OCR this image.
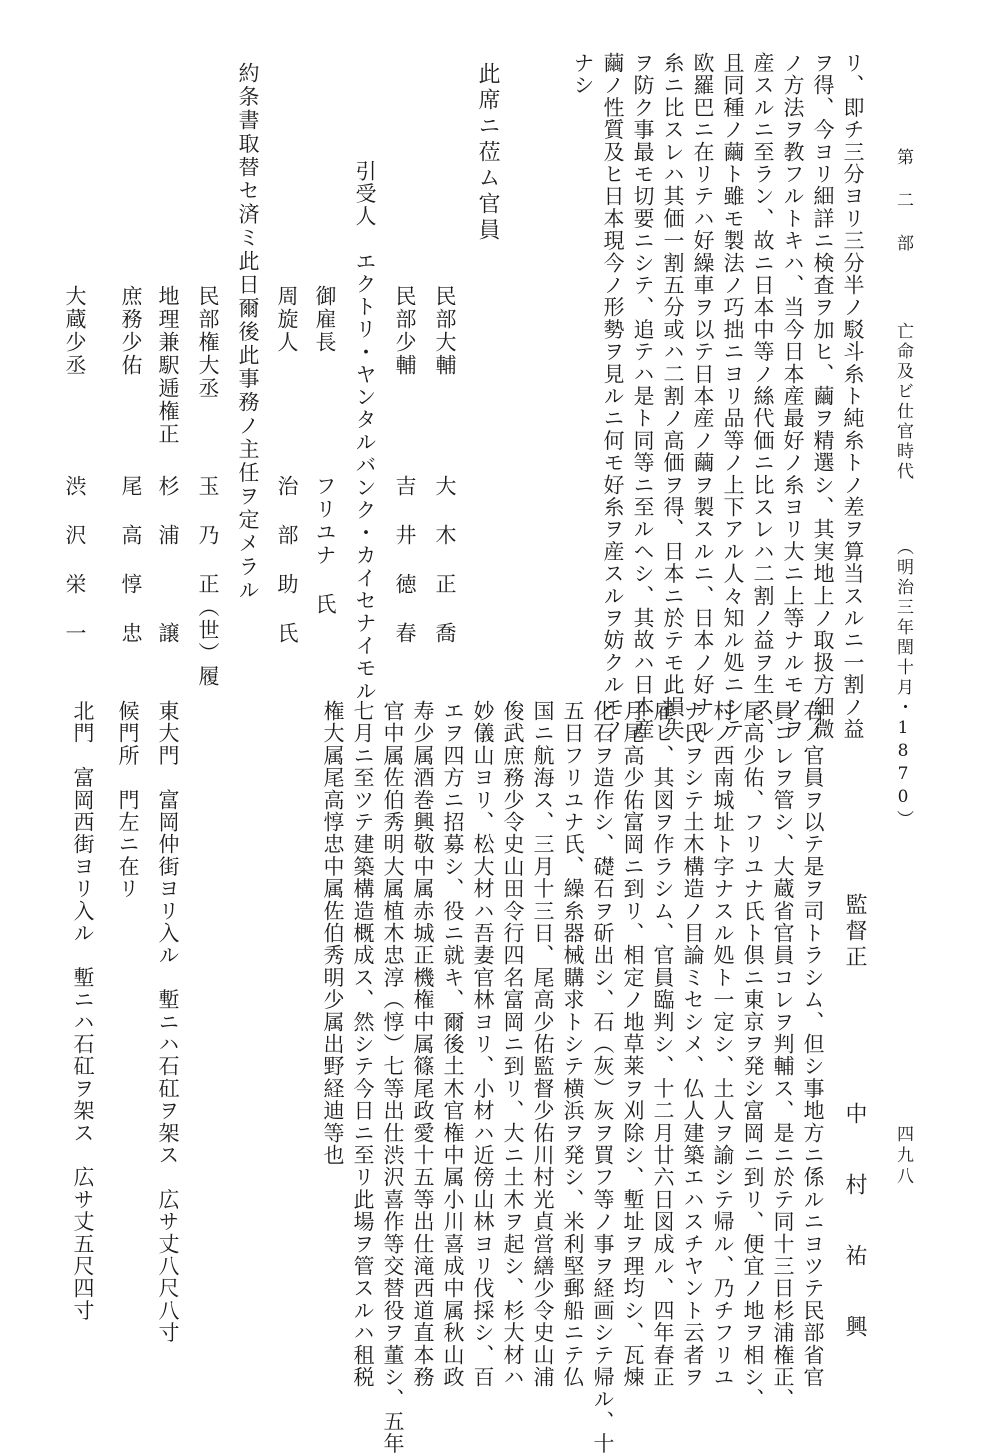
第 二 部  亡命及ビ仕官時代  （明治三年閏十月・1870）
四九八
リ、即チ三分ヨリ三分半ノ駁斗糸ト純糸トノ差ヲ算当スルニ一割ノ益
ヲ得、今ヨリ細詳ニ検査ヲ加ヒ、繭ヲ精選シ、其実地上ノ取扱方細微
ノ方法ヲ教フルトキハ、当今日本産最好ノ糸ヨリ大ニ上等ナルモノヲ
産スルニ至ラン、故ニ日本中等ノ絲代価ニ比スレハ二割ノ益ヲ生ス、
且同種ノ繭ト雖モ製法ノ巧拙ニヨリ品等ノ上下アル人々知ル処ニシテ
欧羅巴ニ在リテハ好繰車ヲ以テ日本産ノ繭ヲ製スルニ、日本ノ好ナル
糸ニ比スレハ其価一割五分或ハ二割ノ高価ヲ得、日本ニ於テモ此損失
ヲ防ク事最モ切要ニシテ、追テハ是ト同等ニ至ルヘシ、其故ハ日本産
繭ノ性質及ヒ日本現今ノ形勢ヲ見ルニ何モ好糸ヲ産スルヲ妨クルモノ
ナシ
此席ニ莅ム官員
民部大輔
大 木 正 喬
民部少輔
吉 井 徳 春
引受人　エクトリ・ヤンタルバンク・カイセナイモル
御雇長
フリユナ 氏
周旋人
治 部 助 氏
約条書取替セ済ミ此日爾後此事務ノ主任ヲ定メラル
民部権大丞
玉 乃 正（世）履
地理兼駅逓権正
杉 浦 　 譲
庶務少佑
尾 高 惇 忠
大蔵少丞
渋 沢 栄 一
監督正
中 村 祐 興
右ノ官員ヲ以テ是ヲ司トラシム、但シ事地方ニ係ルニヨツテ民部省官
員コレヲ管シ、大蔵省官員コレヲ判輔ス、是ニ於テ同十三日杉浦権正、
尾高少佑、フリユナ氏ト倶ニ東京ヲ発シ富岡ニ到リ、便宜ノ地ヲ相シ、
村ノ西南城址ト字ナスル処ト一定シ、土人ヲ諭シテ帰ル、乃チフリユ
ナ氏ヲシテ土木構造ノ目論ミセシメ、仏人建築エハスチヤント云者ヲ
雇ヒ、其図ヲ作ラシム、官員臨判シ、十二月廿六日図成ル、四年春正
月尾高少佑富岡ニ到リ、相定ノ地草莱ヲ刈除シ、塹址ヲ理均シ、瓦煉
化石ヲ造作シ、礎石ヲ斫出シ、石（灰）灰ヲ買フ等ノ事ヲ経画シテ帰ル、十
五日フリユナ氏、繰糸器械購求トシテ横浜ヲ発シ、米利堅郵船ニテ仏
国ニ航海ス、三月十三日、尾高少佑監督少佑川村光貞営繕少令史山浦
俊武庶務少令史山田令行四名富岡ニ到リ、大ニ土木ヲ起シ、杉大材ハ
妙儀山ヨリ、松大材ハ吾妻官林ヨリ、小材ハ近傍山林ヨリ伐採シ、百
エヲ四方ニ招募シ、役ニ就キ、爾後土木官権中属小川喜成中属秋山政
寿少属酒巻興敬中属赤城正機権中属篠尾政愛十五等出仕滝西道直本務
官中属佐伯秀明大属植木忠淳（惇）七等出仕渋沢喜作等交替役ヲ董シ、五年
七月ニ至ツテ建築構造概成ス、然シテ今日ニ至リ此場ヲ管スルハ租税
権大属尾高惇忠中属佐伯秀明少属出野経迪等也
東大門　富岡仲街ヨリ入ル　塹ニハ石矼ヲ架ス　広サ丈八尺八寸
候門所　門左ニ在リ
北門　富岡西街ヨリ入ル　塹ニハ石矼ヲ架ス　広サ丈五尺四寸
